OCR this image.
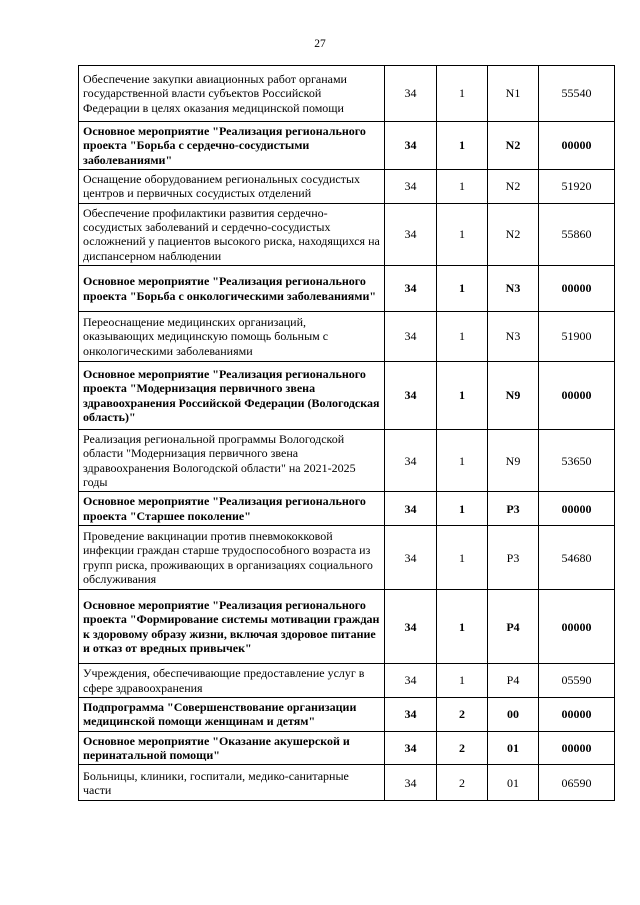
27
Обеспечение закупки авиационных работ органами государственной власти субъектов Российской Федерации в целях оказания медицинской помощи	34	1	N1	55540
Основное мероприятие "Реализация регионального проекта "Борьба с сердечно-сосудистыми заболеваниями"	34	1	N2	00000
Оснащение оборудованием региональных сосудистых центров и первичных сосудистых отделений	34	1	N2	51920
Обеспечение профилактики развития сердечно-сосудистых заболеваний и сердечно-сосудистых осложнений у пациентов высокого риска, находящихся на диспансерном наблюдении	34	1	N2	55860
Основное мероприятие "Реализация регионального проекта "Борьба с онкологическими заболеваниями"	34	1	N3	00000
Переоснащение медицинских организаций, оказывающих медицинскую помощь больным с онкологическими заболеваниями	34	1	N3	51900
Основное мероприятие "Реализация регионального проекта "Модернизация первичного звена здравоохранения Российской Федерации (Вологодская область)"	34	1	N9	00000
Реализация региональной программы Вологодской области "Модернизация первичного звена здравоохранения Вологодской области" на 2021-2025 годы	34	1	N9	53650
Основное мероприятие "Реализация регионального проекта "Старшее поколение"	34	1	P3	00000
Проведение вакцинации против пневмококковой инфекции граждан старше трудоспособного возраста из групп риска, проживающих в организациях социального обслуживания	34	1	P3	54680
Основное мероприятие "Реализация регионального проекта "Формирование системы мотивации граждан к здоровому образу жизни, включая здоровое питание и отказ от вредных привычек"	34	1	P4	00000
Учреждения, обеспечивающие предоставление услуг в сфере здравоохранения	34	1	P4	05590
Подпрограмма "Совершенствование организации медицинской помощи женщинам и детям"	34	2	00	00000
Основное мероприятие "Оказание акушерской и перинатальной помощи"	34	2	01	00000
Больницы, клиники, госпитали, медико-санитарные части	34	2	01	06590
